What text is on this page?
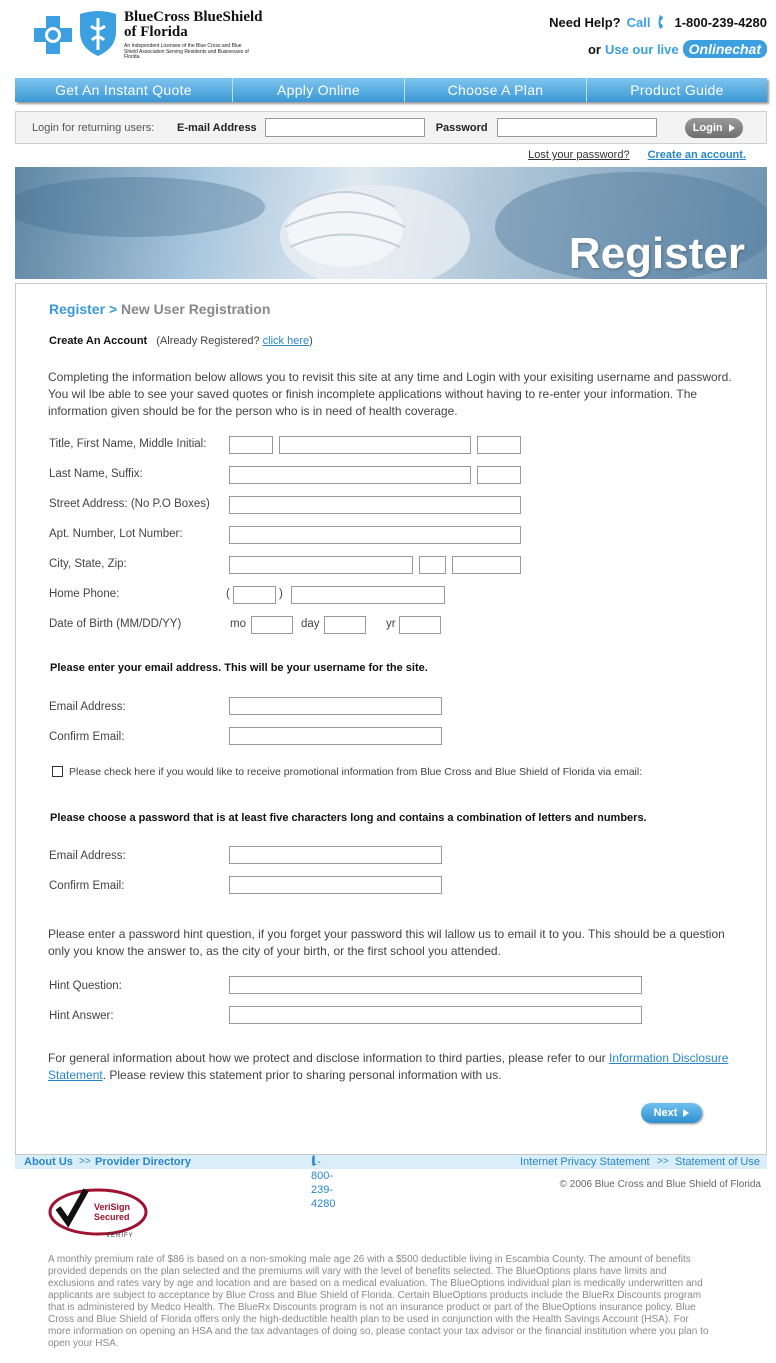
BlueCross BlueShield
of Florida
An Independent Licensee of the Blue Cross and Blue Shield Association Serving Residents and Businesses of Florida.
Need Help? Call 1-800-239-4280
or Use our live Onlinechat
Get An Instant Quote	Apply Online	Choose A Plan	Product Guide
Login for returning users:	E-mail Address	Password	Login
Lost your password? Create an account.
Register
Register > New User Registration
Create An Account (Already Registered? click here)
Completing the information below allows you to revisit this site at any time and Login with your exisiting username and password. You wil lbe able to see your saved quotes or finish incomplete applications without having to re-enter your information. The information given should be for the person who is in need of health coverage.
Title, First Name, Middle Initial:
Last Name, Suffix:
Street Address: (No P.O Boxes)
Apt. Number, Lot Number:
City, State, Zip:
Home Phone:	(	)
Date of Birth (MM/DD/YY)	mo	day	yr
Please enter your email address. This will be your username for the site.
Email Address:
Confirm Email:
Please check here if you would like to receive promotional information from Blue Cross and Blue Shield of Florida via email:
Please choose a password that is at least five characters long and contains a combination of letters and numbers.
Email Address:
Confirm Email:
Please enter a password hint question, if you forget your password this wil lallow us to email it to you. This should be a question only you know the answer to, as the city of your birth, or the first school you attended.
Hint Question:
Hint Answer:
For general information about how we protect and disclose information to third parties, please refer to our Information Disclosure Statement. Please review this statement prior to sharing personal information with us.
Next
About Us >> Provider Directory	1-800-239-4280
Internet Privacy Statement >> Statement of Use
© 2006 Blue Cross and Blue Shield of Florida
VeriSign
Secured
VERIFY
A monthly premium rate of $86 is based on a non-smoking male age 26 with a $500 deductible living in Escambia County. The amount of benefits provided depends on the plan selected and the premiums will vary with the level of benefits selected. The BlueOptions plans have limits and exclusions and rates vary by age and location and are based on a medical evaluation. The BlueOptions individual plan is medically underwritten and applicants are subject to acceptance by Blue Cross and Blue Shield of Florida. Certain BlueOptions products include the BlueRx Discounts program that is administered by Medco Health. The BlueRx Discounts program is not an insurance product or part of the BlueOptions insurance policy. Blue Cross and Blue Shield of Florida offers only the high-deductible health plan to be used in conjunction with the Health Savings Account (HSA). For more information on opening an HSA and the tax advantages of doing so, please contact your tax advisor or the financial institution where you plan to open your HSA.
